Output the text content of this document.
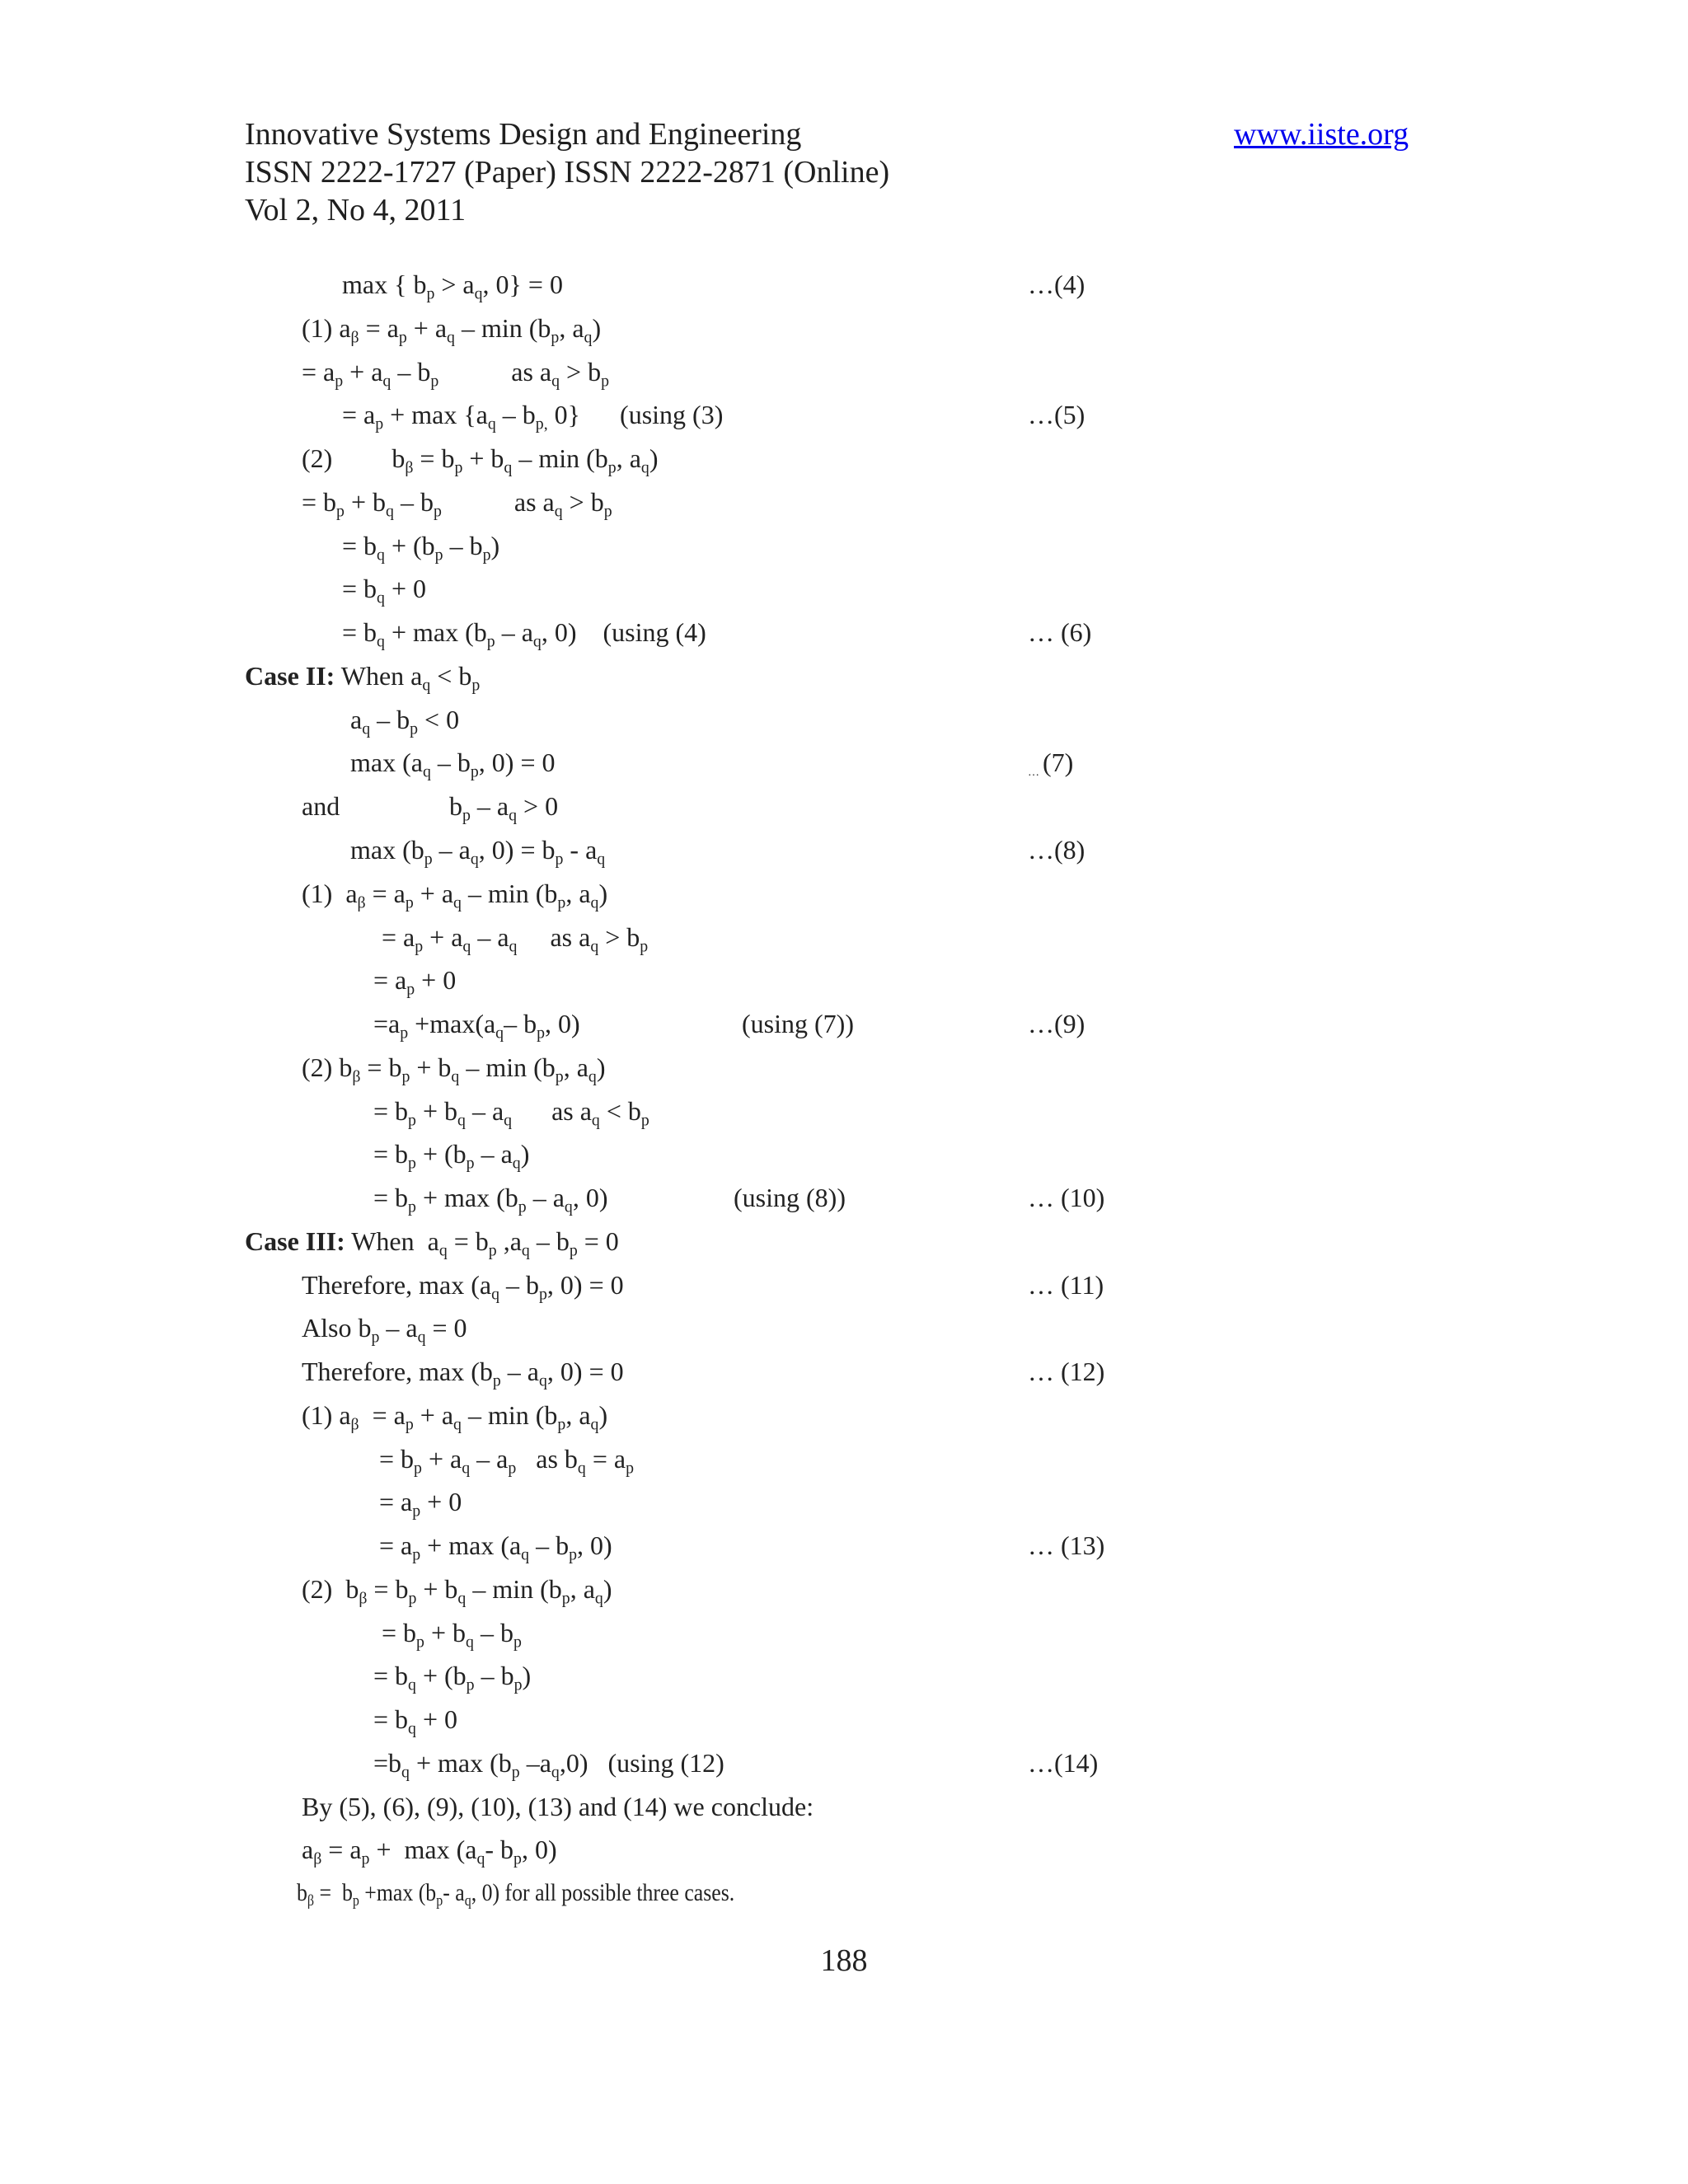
Innovative Systems Design and Engineering	www.iiste.org
ISSN 2222-1727 (Paper) ISSN 2222-2871 (Online)
Vol 2, No 4, 2011
max { $b_p > a_q$, 0} = 0	…(4)
(1) $a_\beta = a_p + a_q - \min (b_p$, $a_q$)
= $a_p + a_q - b_p$           as $a_q > b_p$
= $a_p + \max \{a_q - b_{p,}$ 0}      (using (3)	…(5)
(2)         $b_\beta = b_p + b_q - \min (b_p$, $a_q$)
= $b_p + b_q - b_p$           as $a_q > b_p$
= $b_q + (b_p - b_p)$
= $b_q + 0$
= $b_q + \max (b_p - a_q$, 0)    (using (4)	… (6)
Case II: When $a_q < b_p$
$a_q - b_p < 0$
$\max (a_q - b_p$, 0) = 0	… (7)
and	$b_p - a_q > 0$
$\max (b_p - a_q$, $0) = b_p - a_q$	…(8)
(1)  $a_\beta = a_p + a_q - \min (b_p$, $a_q$)
= $a_p + a_q - a_q$     as $a_q > b_p$
= $a_p + 0$
$=a_p +\max(a_q-$ $b_p$, 0)	(using (7))	…(9)
(2) $b_\beta = b_p + b_q - \min (b_p$, $a_q$)
= $b_p + b_q - a_q$      as $a_q < b_p$
= $b_p + (b_p - a_q)$
= $b_p + \max (b_p - a_q$, 0)	(using (8))	… (10)
Case III: When  $a_q = b_p$ $,a_q - b_p = 0$
Therefore, $\max (a_q - b_p$, 0) = 0	… (11)
Also $b_p - a_q = 0$
Therefore, $\max (b_p - a_q$, 0) = 0	… (12)
(1) $a_\beta = a_p + a_q - \min (b_p$, $a_q$)
= $b_p + a_q - a_p$   as $b_q = a_p$
= $a_p + 0$
= $a_p + \max (a_q - b_p$, 0)	… (13)
(2)  $b_\beta = b_p + b_q - \min (b_p$, $a_q$)
= $b_p + b_q - b_p$
= $b_q + (b_p - b_p)$
= $b_q + 0$
$=b_q + \max (b_p$ $-a_q,0$)   (using (12)	…(14)
By (5), (6), (9), (10), (13) and (14) we conclude:
$a_\beta = a_p + \max (a_q-$ $b_p$, 0)
$b_\beta = b_p +\max$ ($b_p-$ $a_q$, 0) for all possible three cases.
188
